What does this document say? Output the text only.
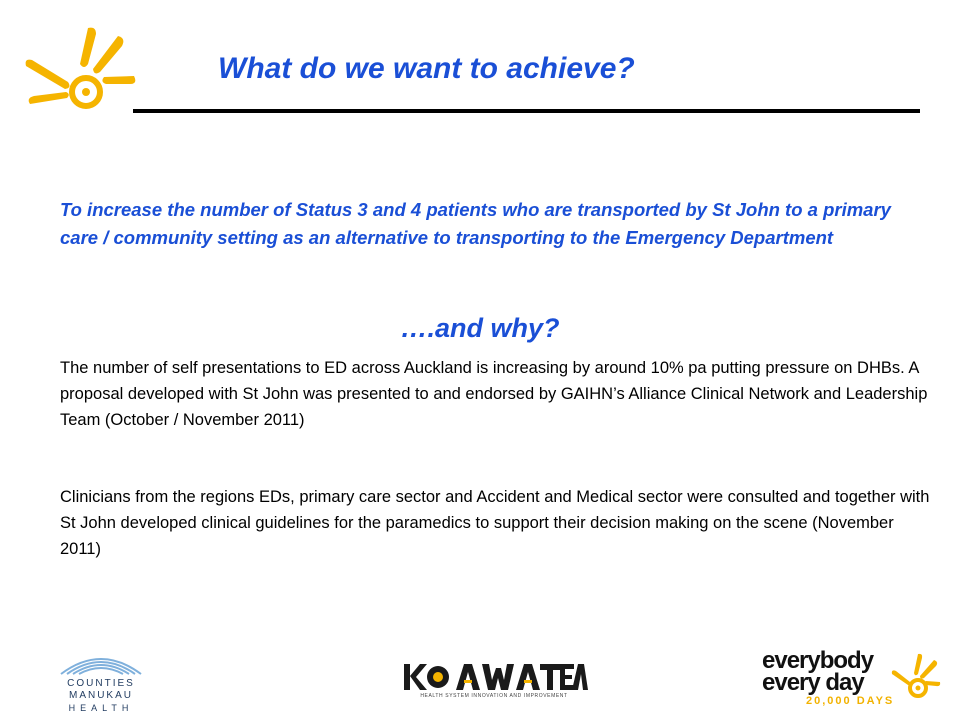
What do we want to achieve?
To increase the number of Status 3 and 4 patients who are transported by St John to a primary care / community setting as an alternative to transporting to the Emergency Department
….and why?
The number of self presentations to ED across Auckland is increasing by around 10% pa putting pressure on DHBs. A proposal developed with St John was presented to and endorsed by GAIHN’s Alliance Clinical Network and Leadership Team (October / November 2011)
Clinicians from the regions EDs, primary care sector and Accident and Medical sector were consulted and together with St John developed clinical guidelines for the paramedics to support their decision making on the scene (November 2011)
COUNTIES
MANUKAU
HEALTH
HEALTH SYSTEM INNOVATION AND IMPROVEMENT
everybody
every day
20,000 DAYS
